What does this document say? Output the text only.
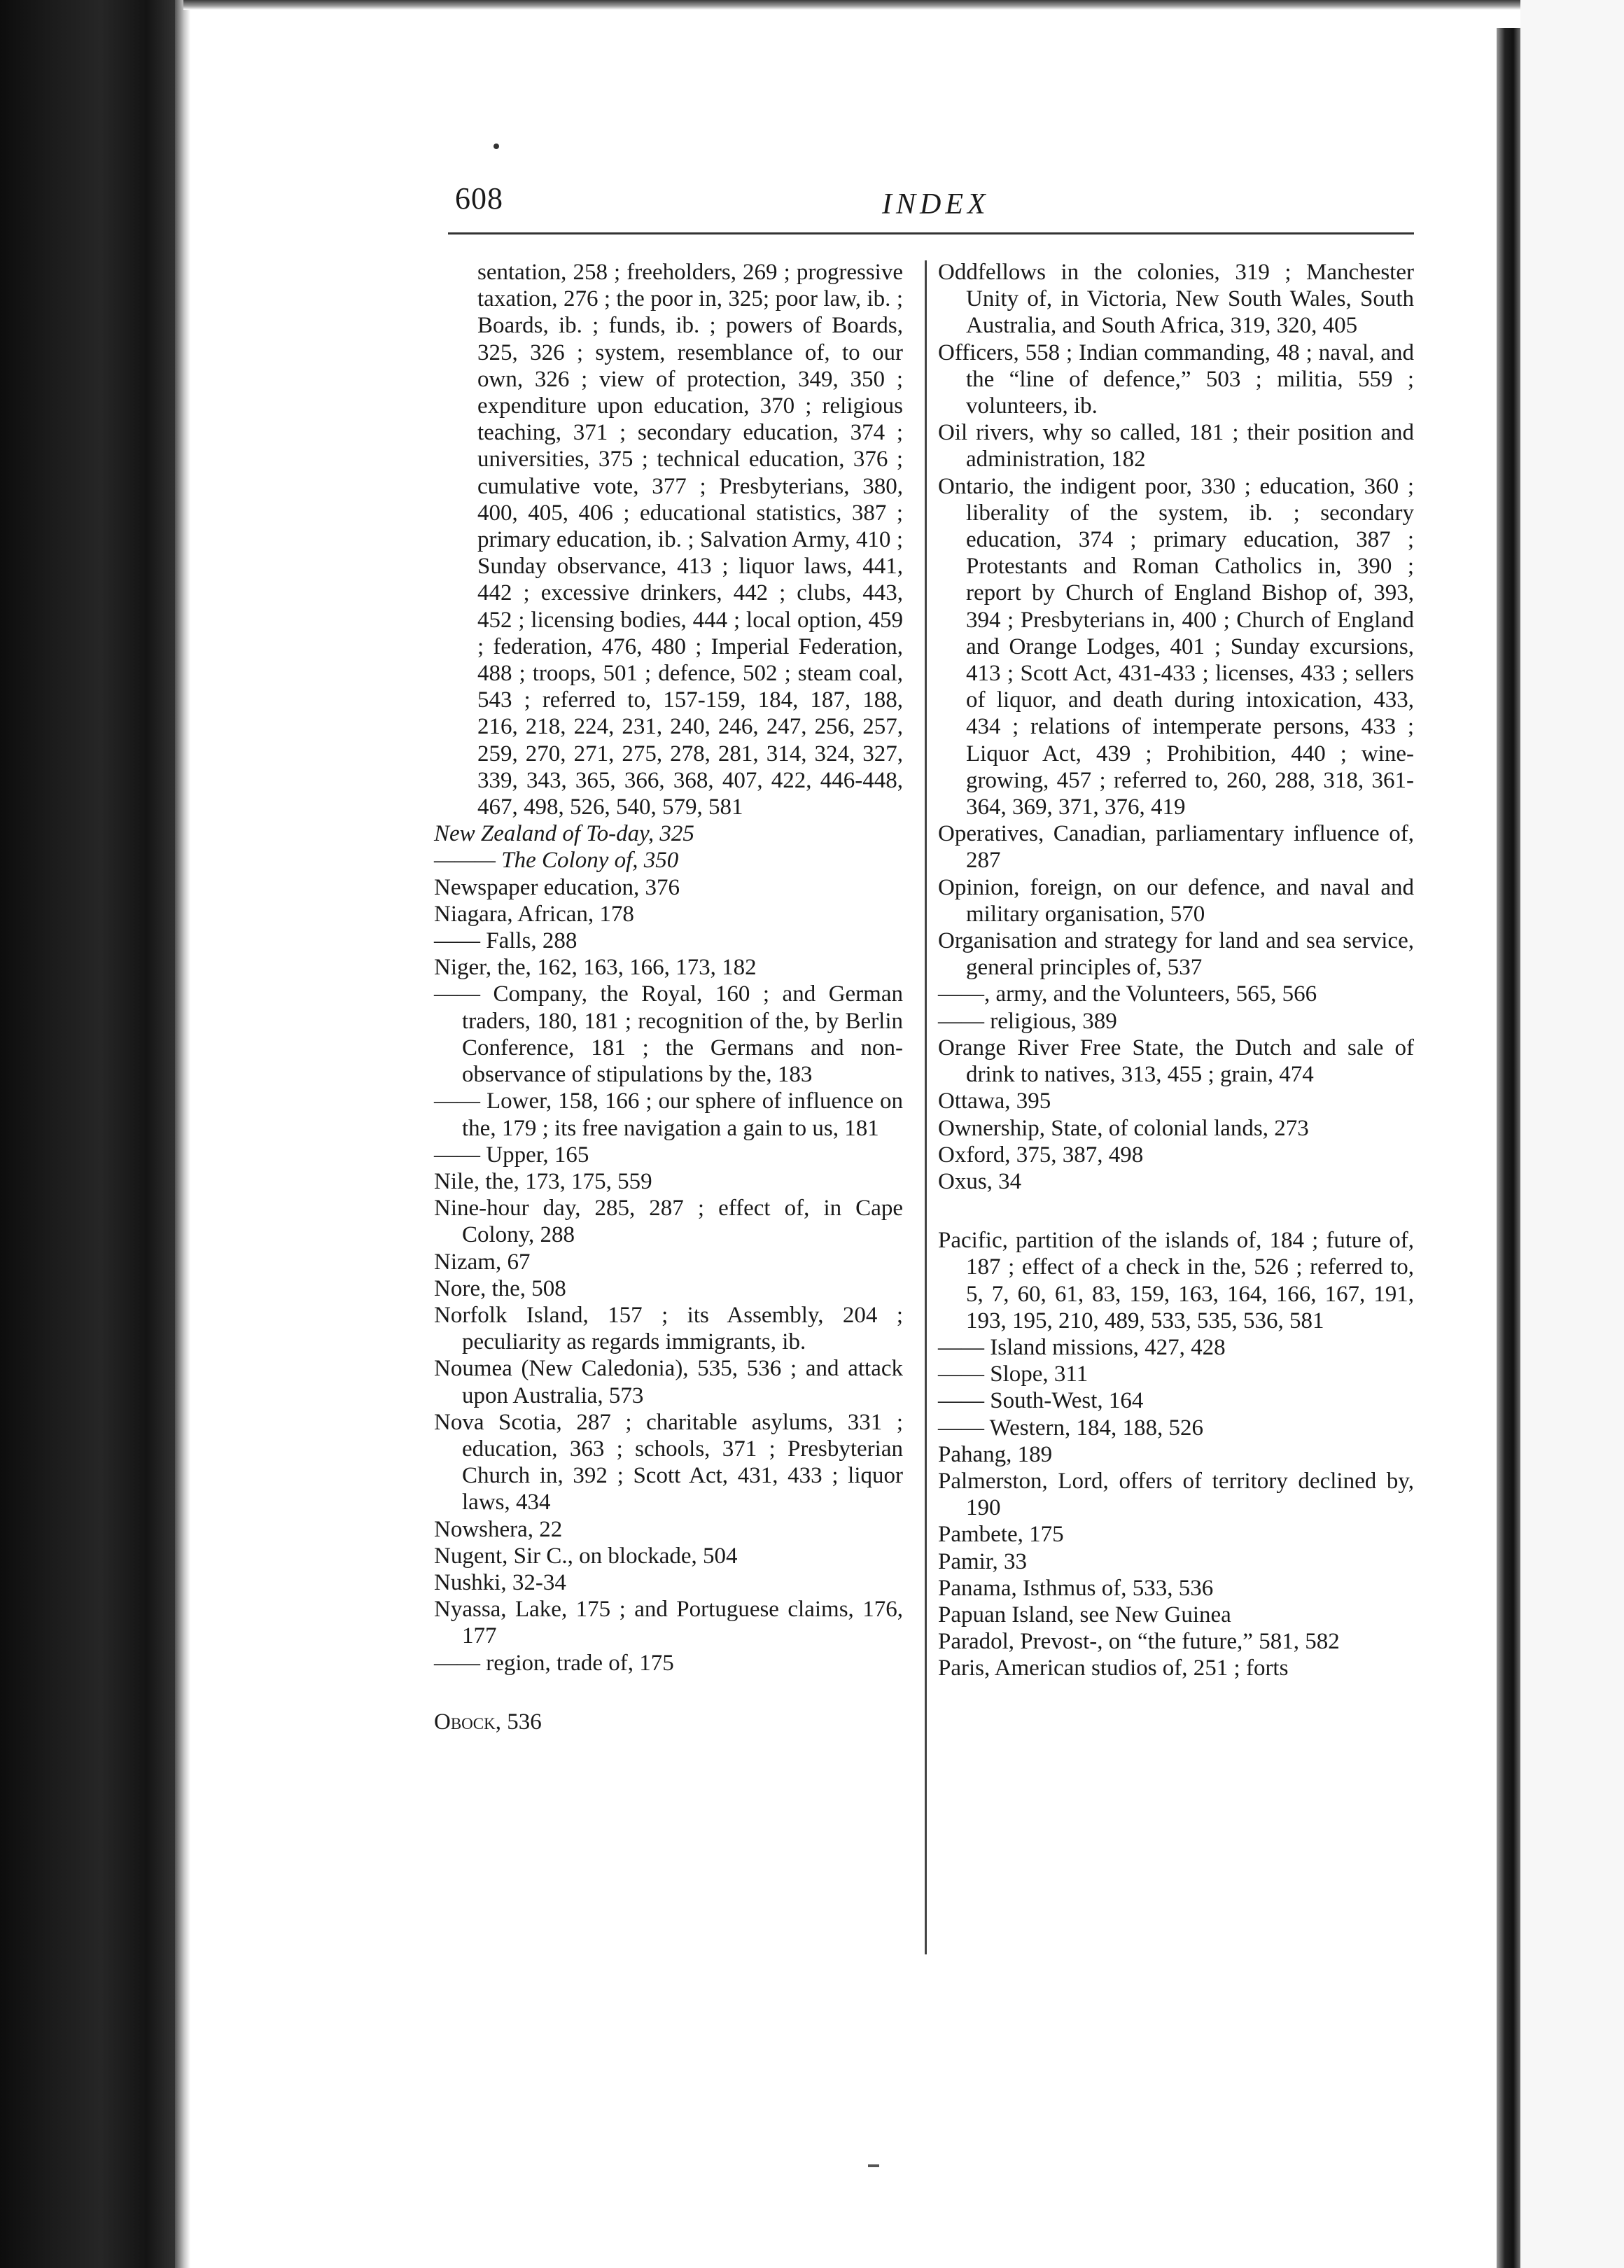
608	INDEX

sentation, 258 ; freeholders, 269 ; progressive taxation, 276 ; the poor in, 325; poor law, ib. ; Boards, ib. ; funds, ib. ; powers of Boards, 325, 326 ; system, resemblance of, to our own, 326 ; view of protection, 349, 350 ; expenditure upon education, 370 ; religious teaching, 371 ; secondary education, 374 ; universities, 375 ; technical education, 376 ; cumulative vote, 377 ; Presbyterians, 380, 400, 405, 406 ; educational statistics, 387 ; primary education, ib. ; Salvation Army, 410 ; Sunday observance, 413 ; liquor laws, 441, 442 ; excessive drinkers, 442 ; clubs, 443, 452 ; licensing bodies, 444 ; local option, 459 ; federation, 476, 480 ; Imperial Federation, 488 ; troops, 501 ; defence, 502 ; steam coal, 543 ; referred to, 157-159, 184, 187, 188, 216, 218, 224, 231, 240, 246, 247, 256, 257, 259, 270, 271, 275, 278, 281, 314, 324, 327, 339, 343, 365, 366, 368, 407, 422, 446-448, 467, 498, 526, 540, 579, 581

New Zealand of To-day, 325

——— The Colony of, 350

Newspaper education, 376

Niagara, African, 178

—— Falls, 288

Niger, the, 162, 163, 166, 173, 182

—— Company, the Royal, 160 ; and German traders, 180, 181 ; recognition of the, by Berlin Conference, 181 ; the Germans and non-observance of stipulations by the, 183

—— Lower, 158, 166 ; our sphere of influence on the, 179 ; its free navigation a gain to us, 181

—— Upper, 165

Nile, the, 173, 175, 559

Nine-hour day, 285, 287 ; effect of, in Cape Colony, 288

Nizam, 67

Nore, the, 508

Norfolk Island, 157 ; its Assembly, 204 ; peculiarity as regards immigrants, ib.

Noumea (New Caledonia), 535, 536 ; and attack upon Australia, 573

Nova Scotia, 287 ; charitable asylums, 331 ; education, 363 ; schools, 371 ; Presbyterian Church in, 392 ; Scott Act, 431, 433 ; liquor laws, 434

Nowshera, 22

Nugent, Sir C., on blockade, 504

Nushki, 32-34

Nyassa, Lake, 175 ; and Portuguese claims, 176, 177

—— region, trade of, 175

Obock, 536

Oddfellows in the colonies, 319 ; Manchester Unity of, in Victoria, New South Wales, South Australia, and South Africa, 319, 320, 405

Officers, 558 ; Indian commanding, 48 ; naval, and the “line of defence,” 503 ; militia, 559 ; volunteers, ib.

Oil rivers, why so called, 181 ; their position and administration, 182

Ontario, the indigent poor, 330 ; education, 360 ; liberality of the system, ib. ; secondary education, 374 ; primary education, 387 ; Protestants and Roman Catholics in, 390 ; report by Church of England Bishop of, 393, 394 ; Presbyterians in, 400 ; Church of England and Orange Lodges, 401 ; Sunday excursions, 413 ; Scott Act, 431-433 ; licenses, 433 ; sellers of liquor, and death during intoxication, 433, 434 ; relations of intemperate persons, 433 ; Liquor Act, 439 ; Prohibition, 440 ; wine-growing, 457 ; referred to, 260, 288, 318, 361-364, 369, 371, 376, 419

Operatives, Canadian, parliamentary influence of, 287

Opinion, foreign, on our defence, and naval and military organisation, 570

Organisation and strategy for land and sea service, general principles of, 537

——, army, and the Volunteers, 565, 566

—— religious, 389

Orange River Free State, the Dutch and sale of drink to natives, 313, 455 ; grain, 474

Ottawa, 395

Ownership, State, of colonial lands, 273

Oxford, 375, 387, 498

Oxus, 34

Pacific, partition of the islands of, 184 ; future of, 187 ; effect of a check in the, 526 ; referred to, 5, 7, 60, 61, 83, 159, 163, 164, 166, 167, 191, 193, 195, 210, 489, 533, 535, 536, 581

—— Island missions, 427, 428

—— Slope, 311

—— South-West, 164

—— Western, 184, 188, 526

Pahang, 189

Palmerston, Lord, offers of territory declined by, 190

Pambete, 175

Pamir, 33

Panama, Isthmus of, 533, 536

Papuan Island, see New Guinea

Paradol, Prevost-, on “the future,” 581, 582

Paris, American studios of, 251 ; forts
